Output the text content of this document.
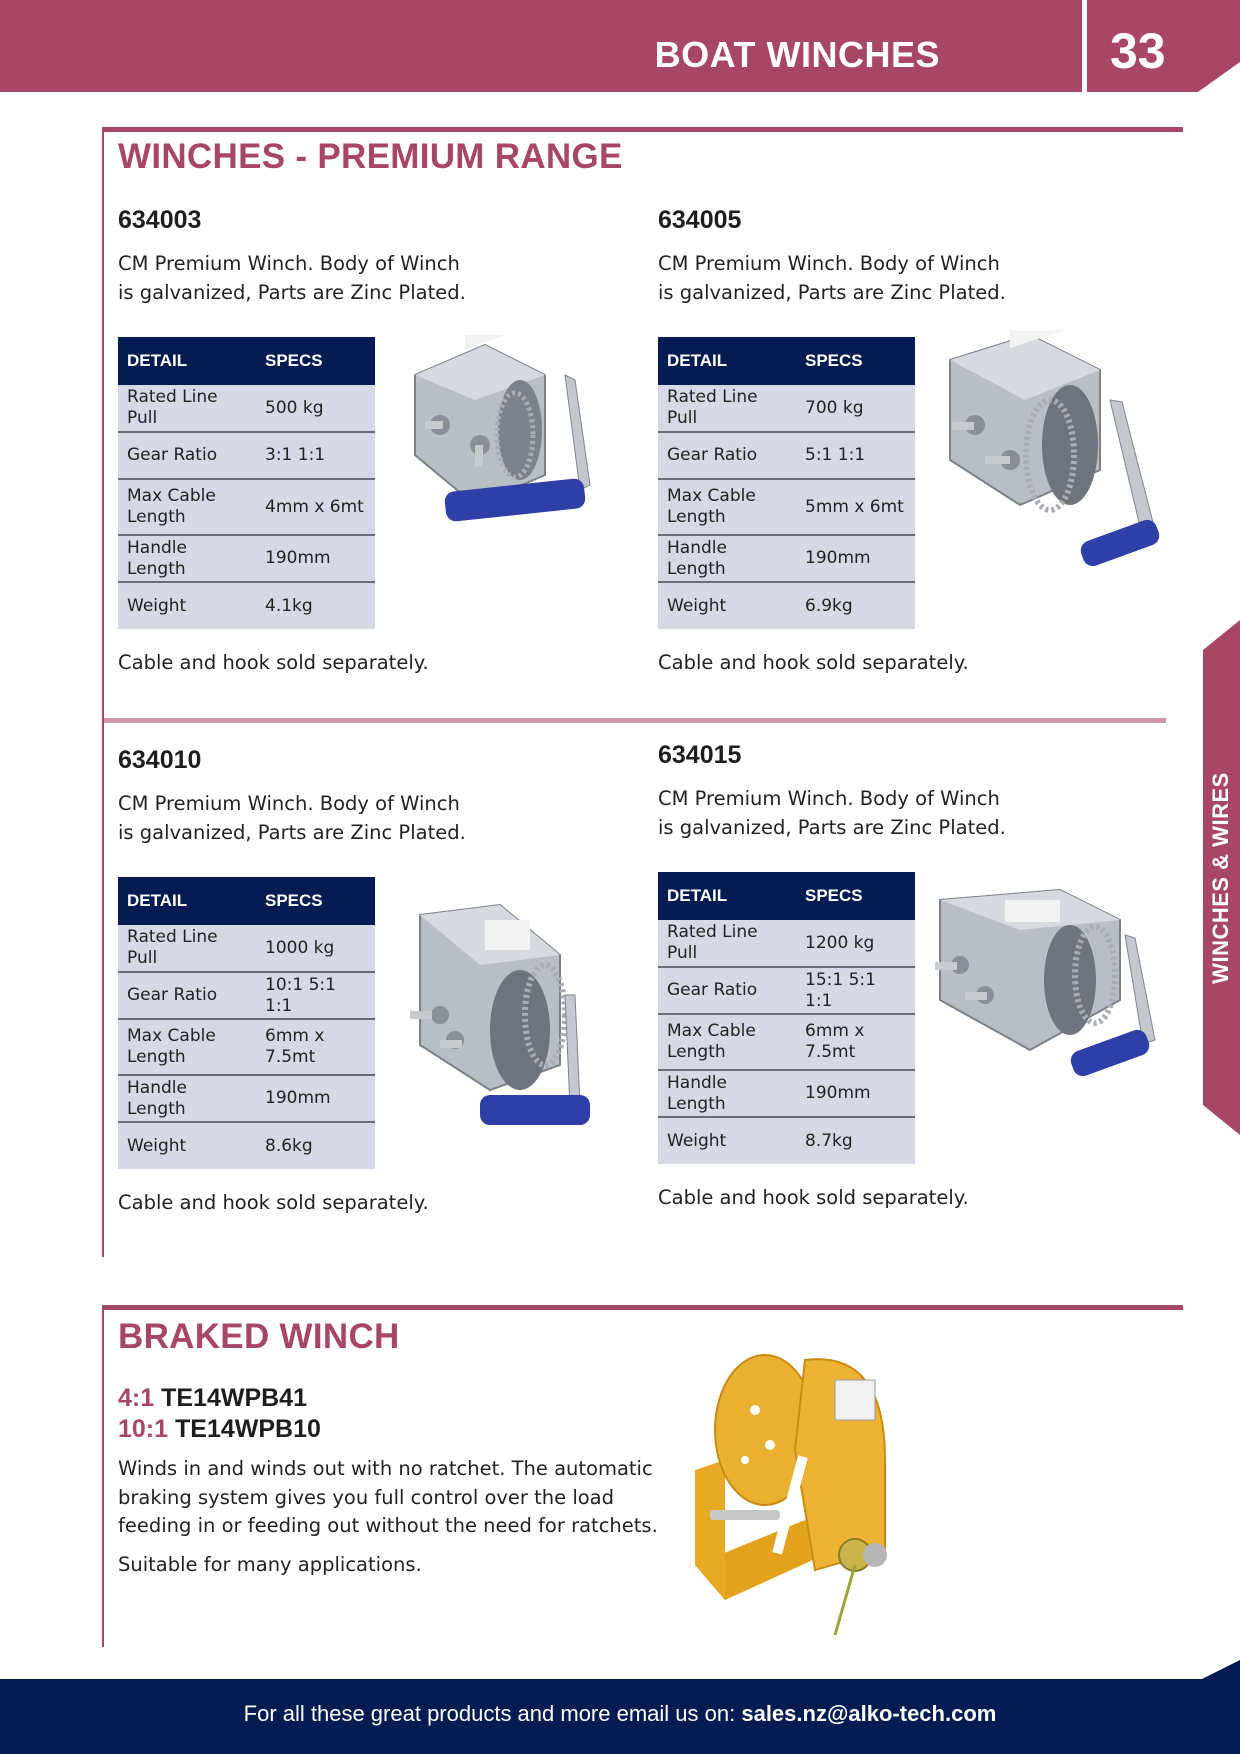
BOAT WINCHES	33
WINCHES & WIRES
WINCHES - PREMIUM RANGE
634003
CM Premium Winch. Body of Winch
is galvanized, Parts are Zinc Plated.
DETAIL	SPECS
Rated Line Pull	500 kg
Gear Ratio	3:1 1:1
Max Cable Length	4mm x 6mt
Handle Length	190mm
Weight	4.1kg
Cable and hook sold separately.
634005
CM Premium Winch. Body of Winch
is galvanized, Parts are Zinc Plated.
DETAIL	SPECS
Rated Line Pull	700 kg
Gear Ratio	5:1 1:1
Max Cable Length	5mm x 6mt
Handle Length	190mm
Weight	6.9kg
Cable and hook sold separately.
634010
CM Premium Winch. Body of Winch
is galvanized, Parts are Zinc Plated.
DETAIL	SPECS
Rated Line Pull	1000 kg
Gear Ratio	10:1 5:1 1:1
Max Cable Length	6mm x 7.5mt
Handle Length	190mm
Weight	8.6kg
Cable and hook sold separately.
634015
CM Premium Winch. Body of Winch
is galvanized, Parts are Zinc Plated.
DETAIL	SPECS
Rated Line Pull	1200 kg
Gear Ratio	15:1 5:1 1:1
Max Cable Length	6mm x 7.5mt
Handle Length	190mm
Weight	8.7kg
Cable and hook sold separately.
BRAKED WINCH
4:1 TE14WPB41
10:1 TE14WPB10
Winds in and winds out with no ratchet. The automatic
braking system gives you full control over the load
feeding in or feeding out without the need for ratchets.
Suitable for many applications.
For all these great products and more email us on: sales.nz@alko-tech.com
